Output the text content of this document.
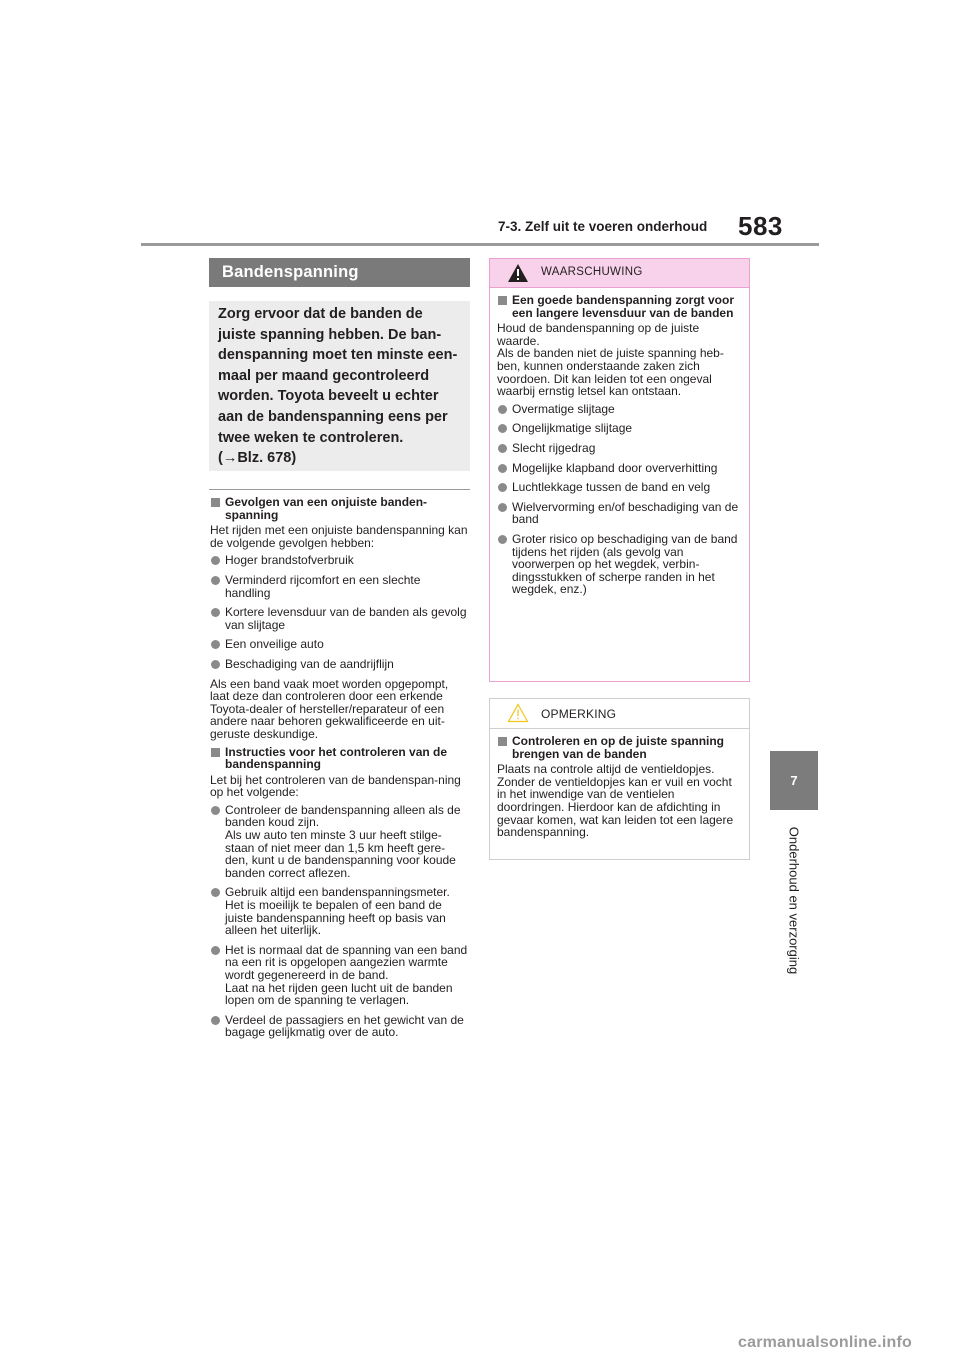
7-3. Zelf uit te voeren onderhoud 583
7
Onderhoud en verzorging
Bandenspanning

Zorg ervoor dat de banden de

juiste spanning hebben. De ban-

denspanning moet ten minste een-

maal per maand gecontroleerd

worden. Toyota beveelt u echter

aan de bandenspanning eens per

twee weken te controleren.

(→Blz. 678)

Gevolgen van een onjuiste banden-spanning

Het rijden met een onjuiste bandenspanning kan de volgende gevolgen hebben:

Hoger brandstofverbruik
Verminderd rijcomfort en een slechte handling
Kortere levensduur van de banden als gevolg van slijtage
Een onveilige auto
Beschadiging van de aandrijflijn

Als een band vaak moet worden opgepompt, laat deze dan controleren door een erkende Toyota-dealer of hersteller/reparateur of een andere naar behoren gekwalificeerde en uit-geruste deskundige.

Instructies voor het controleren van de bandenspanning

Let bij het controleren van de bandenspan-ning op het volgende:

Controleer de bandenspanning alleen als de banden koud zijn.
Als uw auto ten minste 3 uur heeft stilge-staan of niet meer dan 1,5 km heeft gere-den, kunt u de bandenspanning voor koude banden correct aflezen.
Gebruik altijd een bandenspanningsmeter.
Het is moeilijk te bepalen of een band de juiste bandenspanning heeft op basis van alleen het uiterlijk.
Het is normaal dat de spanning van een band na een rit is opgelopen aangezien warmte wordt gegenereerd in de band.
Laat na het rijden geen lucht uit de banden lopen om de spanning te verlagen.
Verdeel de passagiers en het gewicht van de bagage gelijkmatig over de auto.
WAARSCHUWING
Een goede bandenspanning zorgt voor een langere levensduur van de banden

Houd de bandenspanning op de juiste waarde.

Als de banden niet de juiste spanning heb-ben, kunnen onderstaande zaken zich voordoen. Dit kan leiden tot een ongeval waarbij ernstig letsel kan ontstaan.

Overmatige slijtage
Ongelijkmatige slijtage
Slecht rijgedrag
Mogelijke klapband door oververhitting
Luchtlekkage tussen de band en velg
Wielvervorming en/of beschadiging van de band
Groter risico op beschadiging van de band tijdens het rijden (als gevolg van voorwerpen op het wegdek, verbin-dingsstukken of scherpe randen in het wegdek, enz.)
OPMERKING
Controleren en op de juiste spanning brengen van de banden

Plaats na controle altijd de ventieldopjes. Zonder de ventieldopjes kan er vuil en vocht in het inwendige van de ventielen doordringen. Hierdoor kan de afdichting in gevaar komen, wat kan leiden tot een lagere bandenspanning.

carmanualsonline.info
